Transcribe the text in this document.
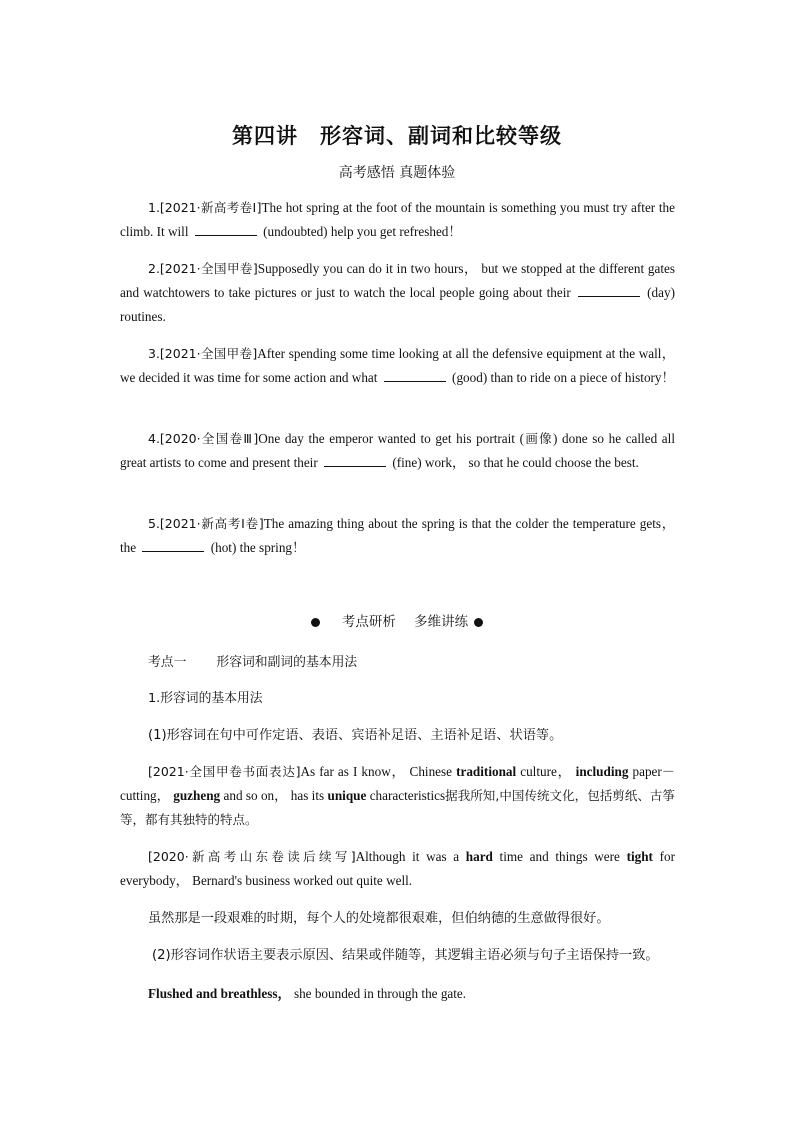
第四讲　形容词、副词和比较等级
高考感悟 真题体验
1.[2021·新高考卷Ⅰ]The hot spring at the foot of the mountain is something you must try after the climb. It will	(undoubted) help you get refreshed！
2.[2021·全国甲卷]Supposedly you can do it in two hours， but we stopped at the different gates and watchtowers to take pictures or just to watch the local people going about their	(day) routines.
3.[2021·全国甲卷]After spending some time looking at all the defensive equipment at the wall， we decided it was time for some action and what	(good) than to ride on a piece of history！
4.[2020·全国卷Ⅲ]One day the emperor wanted to get his portrait (画像) done so he called all great artists to come and present their	(fine) work， so that he could choose the best.
5.[2021·新高考Ⅰ卷]The amazing thing about the spring is that the colder the temperature gets，the	(hot) the spring！
考点研析 多维讲练
考点一 形容词和副词的基本用法
1.形容词的基本用法
(1)形容词在句中可作定语、表语、宾语补足语、主语补足语、状语等。
[2021·全国甲卷书面表达]As far as I know， Chinese traditional culture， including paper－cutting， guzheng and so on， has its unique characteristics据我所知,中国传统文化，包括剪纸、古筝等，都有其独特的特点。
[2020·新高考山东卷读后续写]Although it was a hard time and things were tight for everybody， Bernard's business worked out quite well.
虽然那是一段艰难的时期，每个人的处境都很艰难，但伯纳德的生意做得很好。
(2)形容词作状语主要表示原因、结果或伴随等，其逻辑主语必须与句子主语保持一致。
Flushed and breathless， she bounded in through the gate.
